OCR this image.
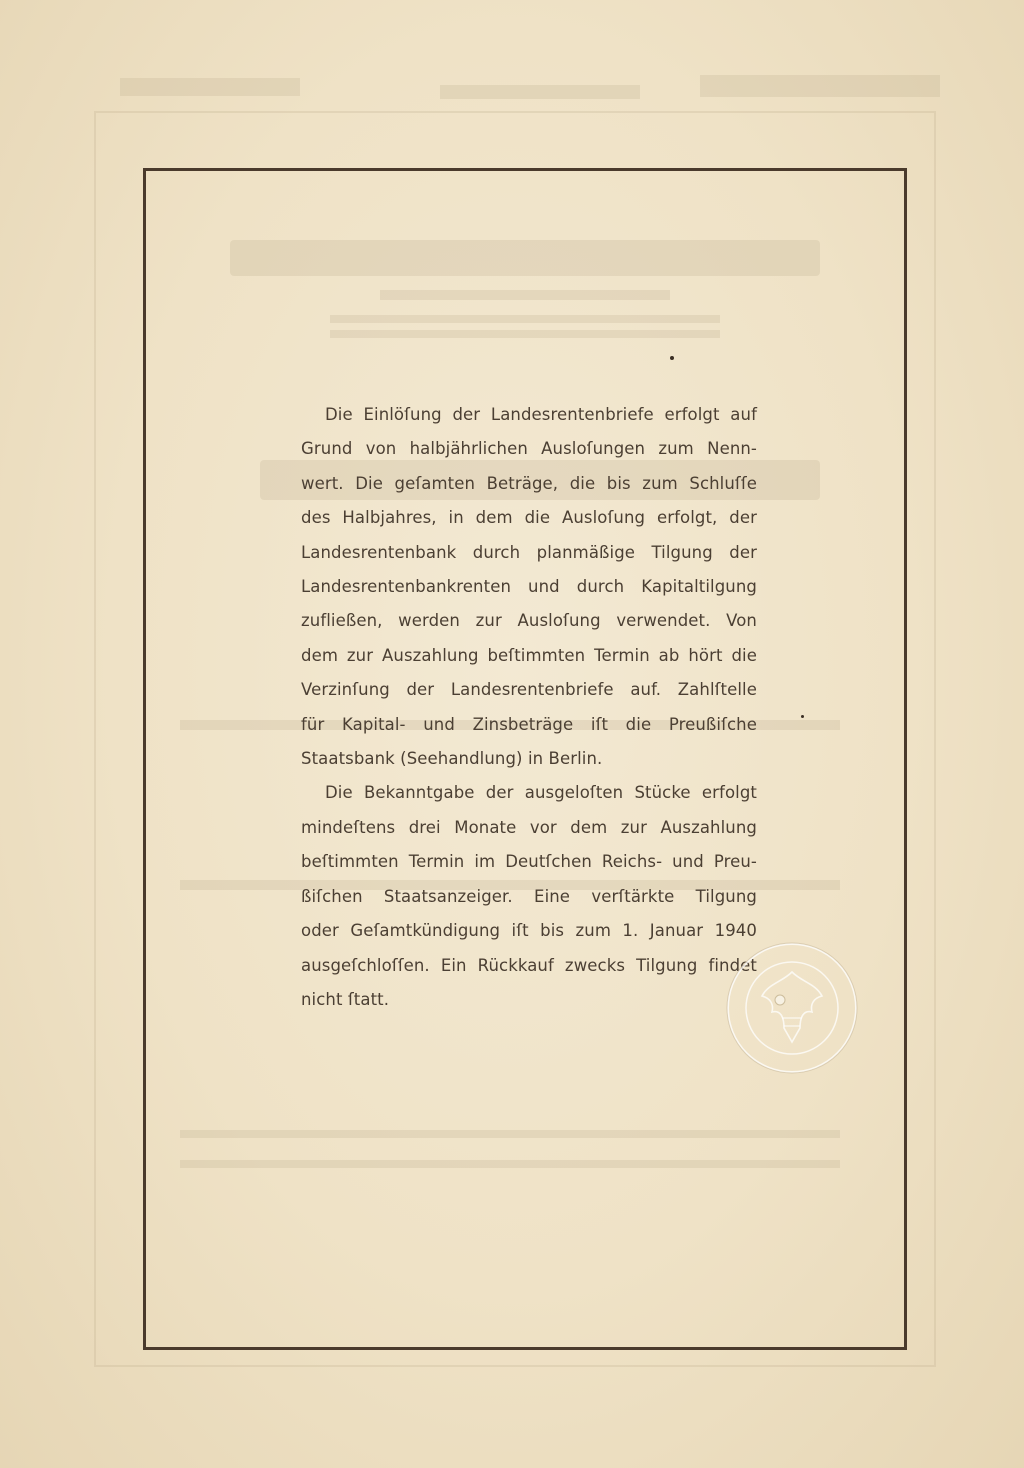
Die Einlöſung der Landesrentenbriefe erfolgt auf
Grund von halbjährlichen Ausloſungen zum Nenn-
wert. Die geſamten Beträge, die bis zum Schluſſe
des Halbjahres, in dem die Ausloſung erfolgt, der
Landesrentenbank durch planmäßige Tilgung der
Landesrentenbankrenten und durch Kapitaltilgung
zufließen, werden zur Ausloſung verwendet. Von
dem zur Auszahlung beſtimmten Termin ab hört die
Verzinſung der Landesrentenbriefe auf. Zahlſtelle
für Kapital- und Zinsbeträge iſt die Preußiſche
Staatsbank (Seehandlung) in Berlin.

Die Bekanntgabe der ausgeloſten Stücke erfolgt
mindeſtens drei Monate vor dem zur Auszahlung
beſtimmten Termin im Deutſchen Reichs- und Preu-
ßiſchen Staatsanzeiger. Eine verſtärkte Tilgung
oder Geſamtkündigung iſt bis zum 1. Januar 1940
ausgeſchloſſen. Ein Rückkauf zwecks Tilgung findet
nicht ſtatt.
